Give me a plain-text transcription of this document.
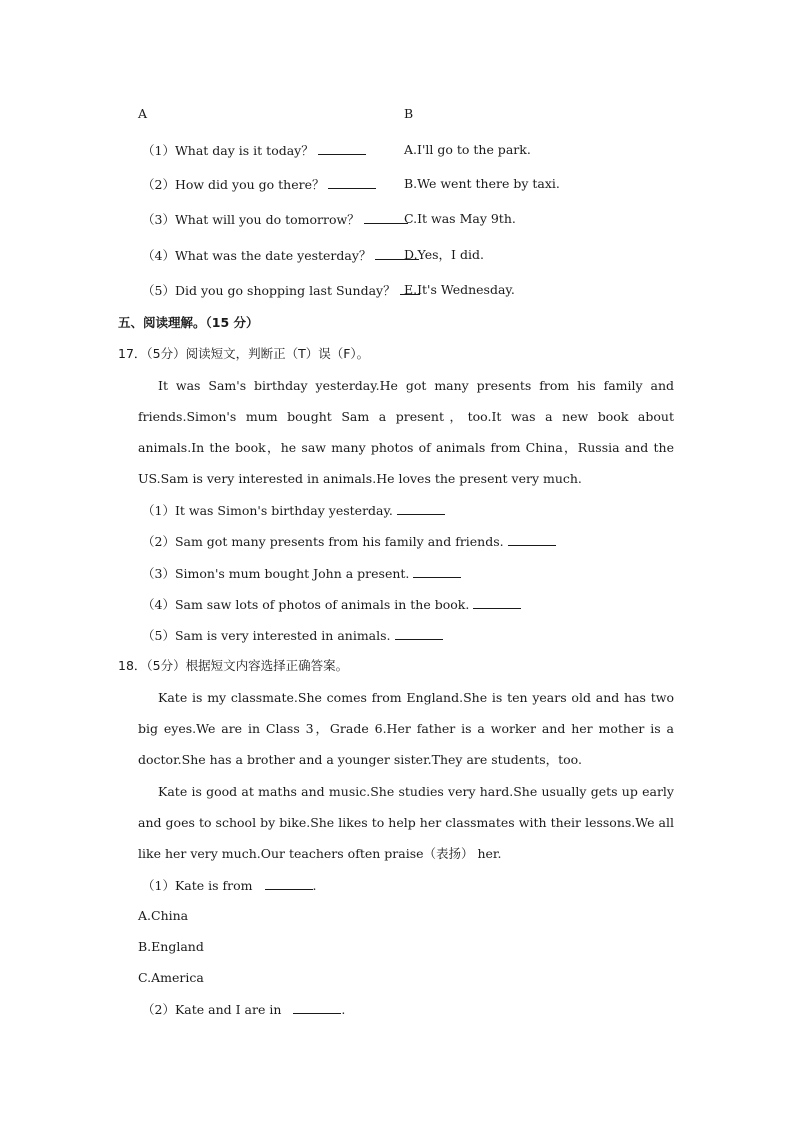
A	B
（1）What day is it today？	A.I'll go to the park.
（2）How did you go there？	B.We went there by taxi.
（3）What will you do tomorrow？	C.It was May 9th.
（4）What was the date yesterday？	D.Yes，I did.
（5）Did you go shopping last Sunday？ E.It's Wednesday.
五、阅读理解。（15 分）
17．（5分）阅读短文，判断正（T）误（F）。
It was Sam's birthday yesterday.He got many presents from his family and friends.Simon's mum bought Sam a present，too.It was a new book about animals.In the book，he saw many photos of animals from China，Russia and the US.Sam is very interested in animals.He loves the present very much.
（1）It was Simon's birthday yesterday.
（2）Sam got many presents from his family and friends.
（3）Simon's mum bought John a present.
（4）Sam saw lots of photos of animals in the book.
（5）Sam is very interested in animals.
18．（5分）根据短文内容选择正确答案。
Kate is my classmate.She comes from England.She is ten years old and has two big eyes.We are in Class 3，Grade 6.Her father is a worker and her mother is a doctor.She has a brother and a younger sister.They are students，too.
Kate is good at maths and music.She studies very hard.She usually gets up early and goes to school by bike.She likes to help her classmates with their lessons.We all like her very much.Our teachers often praise（表扬） her.
（1）Kate is from	.
A.China
B.England
C.America
（2）Kate and I are in	.
